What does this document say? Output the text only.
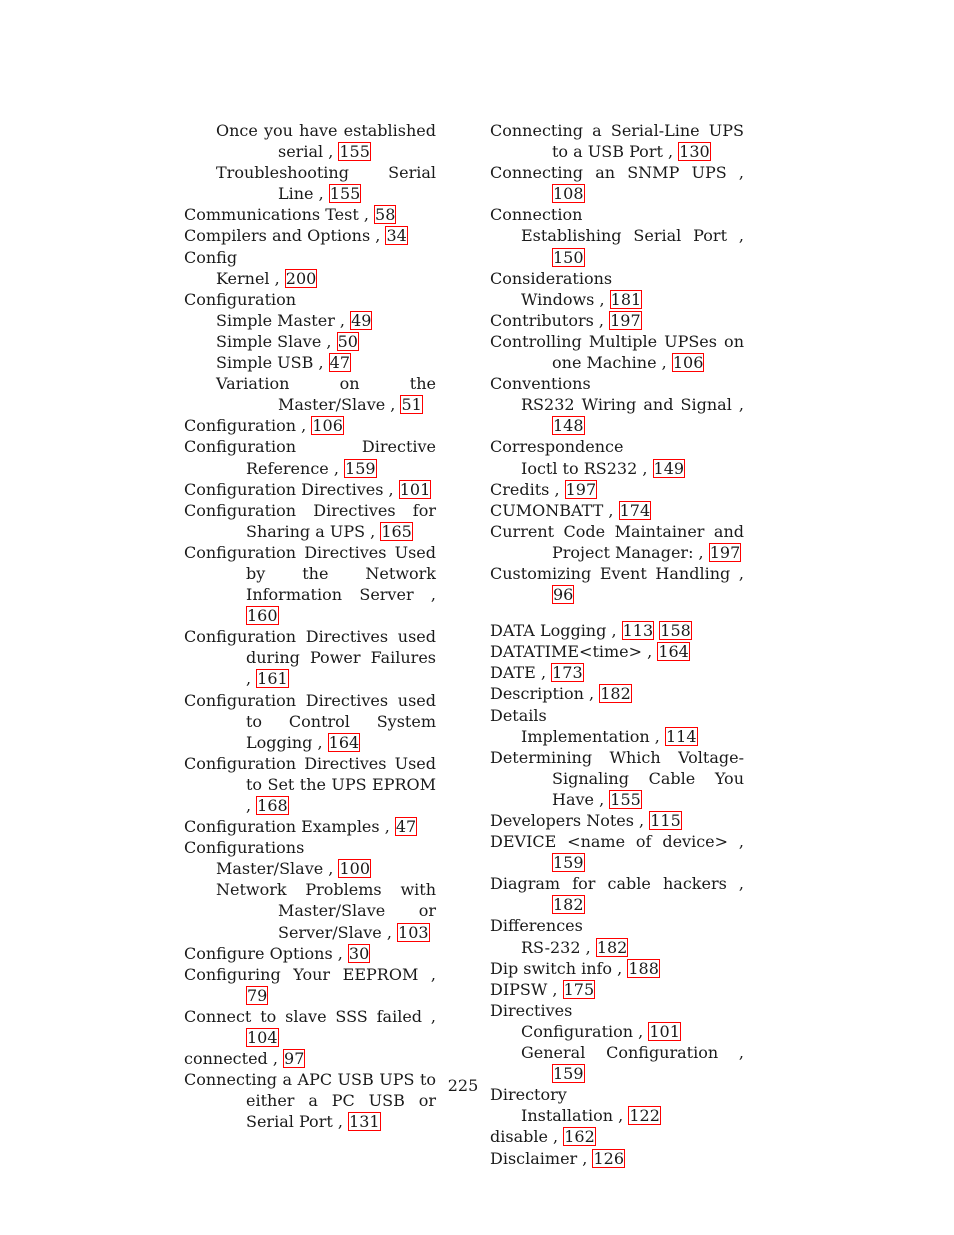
Once you have established serial , 155
Troubleshooting Serial Line , 155
Communications Test , 58
Compilers and Options , 34
Config
Kernel , 200
Configuration
Simple Master , 49
Simple Slave , 50
Simple USB , 47
Variation on the Master/Slave , 51
Configuration , 106
Configuration Directive Reference , 159
Configuration Directives , 101
Configuration Directives for Sharing a UPS , 165
Configuration Directives Used by the Network Information Server , 160
Configuration Directives used during Power Failures , 161
Configuration Directives used to Control System Logging , 164
Configuration Directives Used to Set the UPS EPROM , 168
Configuration Examples , 47
Configurations
Master/Slave , 100
Network Problems with Master/Slave or Server/Slave , 103
Configure Options , 30
Configuring Your EEPROM , 79
Connect to slave SSS failed , 104
connected , 97
Connecting a APC USB UPS to either a PC USB or Serial Port , 131
Connecting a Serial-Line UPS to a USB Port , 130
Connecting an SNMP UPS , 108
Connection
Establishing Serial Port , 150
Considerations
Windows , 181
Contributors , 197
Controlling Multiple UPSes on one Machine , 106
Conventions
RS232 Wiring and Signal , 148
Correspondence
Ioctl to RS232 , 149
Credits , 197
CUMONBATT , 174
Current Code Maintainer and Project Manager: , 197
Customizing Event Handling , 96
DATA Logging , 113 158
DATATIME<time> , 164
DATE , 173
Description , 182
Details
Implementation , 114
Determining Which Voltage-Signaling Cable You Have , 155
Developers Notes , 115
DEVICE <name of device> , 159
Diagram for cable hackers , 182
Differences
RS-232 , 182
Dip switch info , 188
DIPSW , 175
Directives
Configuration , 101
General Configuration , 159
Directory
Installation , 122
disable , 162
Disclaimer , 126
225
